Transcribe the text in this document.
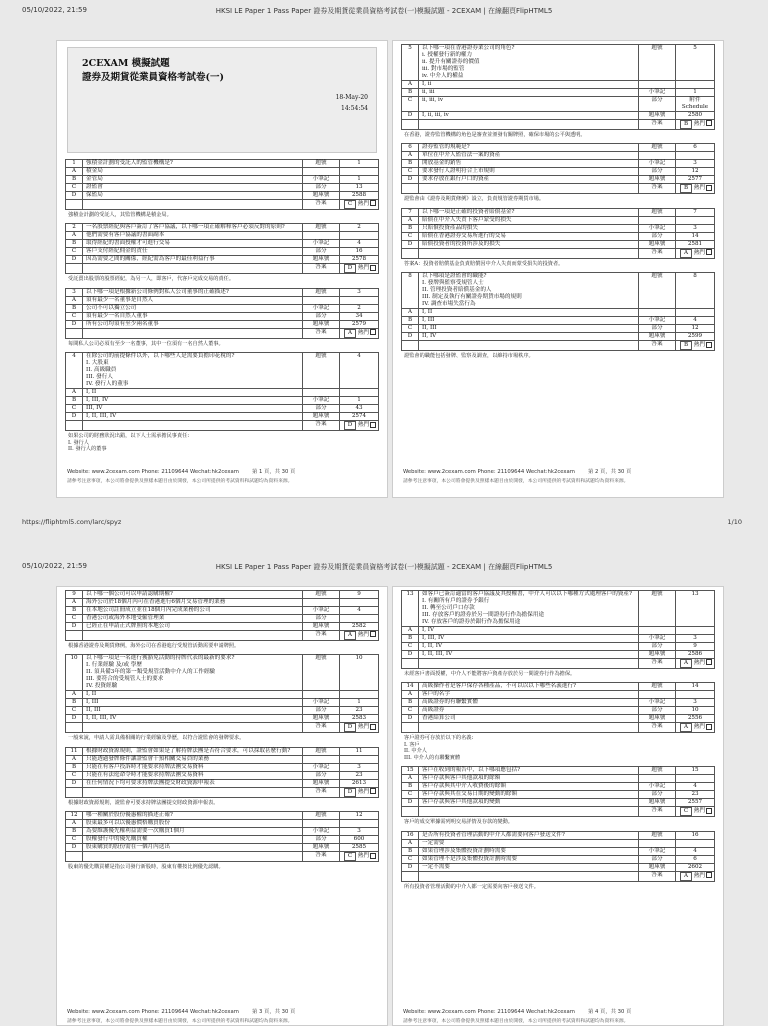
05/10/2022, 21:59	HKSI LE Paper 1 Pass Paper 證券及期貨從業員資格考試卷(一)模擬試題 - 2CEXAM | 在線翻頁FlipHTML5
2CEXAM 模擬試題
證券及期貨從業員資格考試卷(一)
18-May-20
14:54:54
1	強積金計劃的受託人的監管機構是?	題號	1
A	積金局
B	金管局	小筆記	1
C	證監會	部分	13
D	保監局	題庫號	2588
答案	C 熱門
強積金計劃的受託人，其監管機構是積金局。
2	一名股票經紀與客戶簽訂了客戶協議，以下哪一項正確解釋客戶必須反對的原則?	題號	2
A	他們需要有客戶協議的書面副本
B	取得經紀的書面授權才可進行交易	小筆記	4
C	客戶支付經紀佣金的責任	部分	16
D	因為需要之間的關係，經紀需為客戶的最佳利益行事	題庫號	2578
答案	D 熱門
受託賣出股票的股票經紀，為另一人，即客戶，代客戶完成交易的責任。
3	以下哪一項是根據新公司條例對私人公司董事的正確描述?	題號	3
A	須有最少一名董事是自然人
B	公司不可以獨立公司	小筆記	2
C	須有最少一名自然人董事	部分	34
D	所有公司均須有至少兩名董事	題庫號	2579
答案	A 熱門
每間私人公司必須有至少一名董事，其中一位須有一名自然人董事。
4	在除公司的前提條件以外，以下哪些人是需要負擔印花稅的?
I. 大股東
II. 高級職員
III. 發行人
IV. 發行人的董事
題號	4
A	I, II
B	I, III, IV	小筆記	1
C	III, IV	部分	43
D	I, II, III, IV	題庫號	2574
答案	D 熱門
如果公司的財務狀況出錯，以下人士需承擔民事責任:
I. 發行人
II. 發行人的董事
Website: www.2cexam.com Phone: 21109644 Wechat:hk2cexam 第 1 頁，共 30 頁
請參考注意事項，本公司將會提供及照樣本題目由於開發，本公司所提供的考試資料和試題均為資料來源。
5	以下哪一項在香港證券業公司的角色?
i. 授權發行新的權力
ii. 提升有關證券的價值
iii. 對市場的監管
iv. 中介人的權益
題號	5
A	I, ii
B	ii, iii	小筆記	1
C	ii, iii, iv	部分	附件 Schedule
D	I, ii, iii, iv	題庫號	2580
答案	B 熱門
在香港，證券監管機構的角色是審查並頒發有關牌照，確保市場的公平與透明。
6	證券監管的規範是?	題號	6
A	單位在中介人監管法一案的資產
B	開放基金的銷售	小筆記	3
C	要求發行人證明符合上市規則	部分	12
D	要求存放在銀行戶口的資產	題庫號	2577
答案	B 熱門
證監會由《證券及期貨條例》設立，負責規管證券期貨市場。
7	以下哪一項是正確的投資者賠償基金?	題號	7
A	賠償在中介人失責下客戶蒙受的損失
B	只賠償投資產品的損失	小筆記	3
C	賠償在香港證券交易所進行的交易	部分	14
D	賠償投資者的投資所涉及的損失	題庫號	2581
答案	A 熱門
答案A：投資者賠償基金負責賠償因中介人失責而蒙受損失的投資者。
8	以下哪項是證監會的職能?
I. 發牌與監察受規管人士
II. 管理投資者賠償基金的人
III. 制定及執行有關證券期貨市場的規則
IV. 調查市場失當行為
題號	8
A	I, II
B	I, III	小筆記	4
C	II, III	部分	12
D	II, IV	題庫號	2599
答案	B 熱門
證監會的職能包括發牌、監察及調查，以維持市場秩序。
Website: www.2cexam.com Phone: 21109644 Wechat:hk2cexam 第 2 頁，共 30 頁
請參考注意事項，本公司將會提供及照樣本題目由於開發，本公司所提供的考試資料和試題均為資料來源。
https://fliphtml5.com/larc/spyz	1/10
05/10/2022, 21:59	HKSI LE Paper 1 Pass Paper 證券及期貨從業員資格考試卷(一)模擬試題 - 2CEXAM | 在線翻頁FlipHTML5
9	以下哪一個公司可以申請認購期權?	題號	9
A	海外公司於18個月內可在香港進行6個月交易管理的業務
B	在本地公司註冊成立並在18個月內完成業務的公司	小筆記	4
C	香港公司或海外本地受僱管理業	部分
D	已經正在申請正式牌照的本地公司	題庫號	2582
答案	A 熱門
根據香港證券及期貨條例，海外公司在香港進行受規管活動需要申請牌照。
10	以下哪一項是一名進行獲豁免活動的持牌代表的最新的要求?
I. 行業經驗 及/或 學歷
II. 須具備3年的第一類受規管活動中介人的工作經驗
III. 要符合的受規管人士的要求
IV. 投資經驗
題號	10
A	I, II
B	I, III	小筆記	1
C	II, III	部分	23
D	I, II, III, IV	題庫號	2583
答案	D 熱門
一般來說，申請人需具備相關的行業經驗及學歷，以符合證監會的發牌要求。
11	根據財政資源規則，證監會如果是了解持牌法團是否符合要求，可以採取甚麼行動?	題號	11
A	只能透過發牌條件讓證監會干預相關交易員的業務
B	只能在有客戶投訴時才能要求持牌法團交易資料	小筆記	3
C	只能在有法庭命令時才能要求持牌法團交易資料	部分	23
D	在任何情況下均可要求持牌法團提交財政資源申報表	題庫號	2613
答案	D 熱門
根據財政資源規則，證監會可要求持牌法團提交財政資源申報表。
12	哪一種關於股份優惠權的描述正確?	題號	12
A	股東最多可以以優惠價格購買股份
B	為要維護優先權利益需要一次購買1個月	小筆記	3
C	股權發行中的優先購買權	部分	600
D	股東購買的股份需在一個月內送出	題庫號	2585
答案	C 熱門
股東的優先購買權是指公司發行新股時，股東有權按比例優先認購。
Website: www.2cexam.com Phone: 21109644 Wechat:hk2cexam 第 3 頁，共 30 頁
請參考注意事項，本公司將會提供及照樣本題目由於開發，本公司所提供的考試資料和試題均為資料來源。
13	如客戶已簽訂適當的客戶協議及其授權書，中介人可以以下哪種方式處理客戶的資產?
I. 有關所有戶的證券予銀行
II. 轉至公司戶口存款
III. 存放客戶的證券於另一間證券行作為擔保用途
IV. 存放客戶的證券於銀行作為擔保用途
題號	13
A	I, IV
B	I, III, IV	小筆記	3
C	I, II, IV	部分	9
D	I, II, III, IV	題庫號	2586
答案	A 熱門
未經客戶書面授權，中介人不能將客戶資產存放於另一間證券行作為擔保。
14	高級操作者是客戶保存各種產品，不可以以以下哪些名義進行?	題號	14
A	客戶的名字
B	高級證券的有聯繫實體	小筆記	3
C	高級證券	部分	10
D	香港結算公司	題庫號	2556
答案	A 熱門
客戶證券可存放於以下的名義:
I. 客戶
II. 中介人
III. 中介人的有聯繫實體
15	客戶在收到的報告中，以下哪項應包括?	題號	15
A	客戶存款與客戶其他款項的餘額
B	客戶存款與其中介人收費後的餘額	小筆記	4
C	客戶存款與其在交易日期的變動的餘額	部分	23
D	客戶存款與客戶其他款項的變動	題庫號	2557
答案	C 熱門
客戶的成交單據需列明交易詳情及存款的變動。
16	是否所有投資者管理活動的中介人都需要向客戶發送文件?	題號	16
A	一定需要
B	如果管理涉及集體投資計劃時需要	小筆記	4
C	如果管理不是涉及集體投資計劃時需要	部分	6
D	一定不需要	題庫號	2602
答案	A 熱門
所有投資者管理活動的中介人都一定需要向客戶發送文件。
Website: www.2cexam.com Phone: 21109644 Wechat:hk2cexam 第 4 頁，共 30 頁
請參考注意事項，本公司將會提供及照樣本題目由於開發，本公司所提供的考試資料和試題均為資料來源。
